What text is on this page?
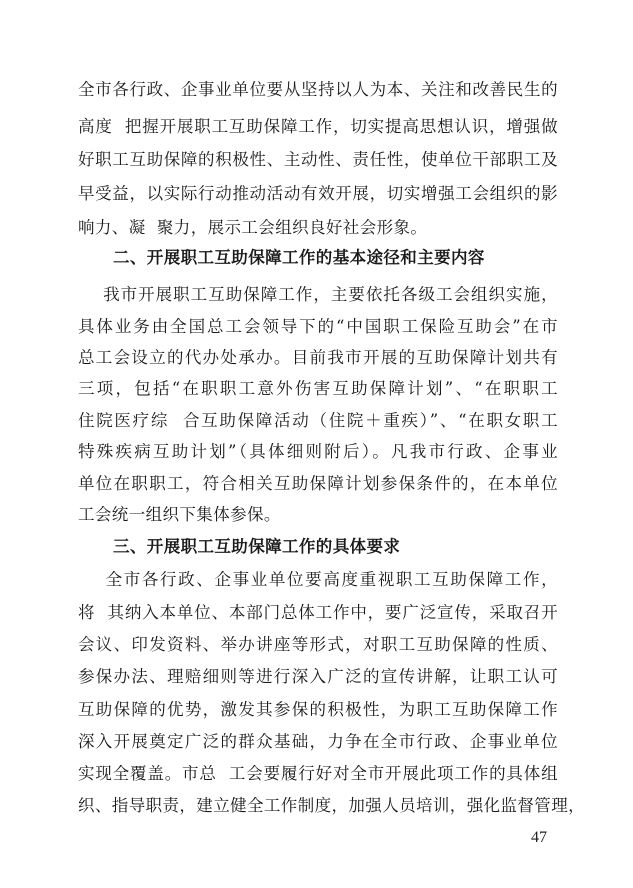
全市各行政、企事业单位要从坚持以人为本、关注和改善民生的
高度  把握开展职工互助保障工作，切实提高思想认识，增强做
好职工互助保障的积极性、主动性、责任性，使单位干部职工及
早受益，以实际行动推动活动有效开展，切实增强工会组织的影
响力、凝  聚力，展示工会组织良好社会形象。
二、开展职工互助保障工作的基本途径和主要内容
我市开展职工互助保障工作，主要依托各级工会组织实施，
具体业务由全国总工会领导下的“中国职工保险互助会”在市
总工会设立的代办处承办。目前我市开展的互助保障计划共有
三项，包括“在职职工意外伤害互助保障计划”、“在职职工
住院医疗综  合互助保障活动（住院＋重疾）”、“在职女职工
特殊疾病互助计划”（具体细则附后）。凡我市行政、企事业
单位在职职工，符合相关互助保障计划参保条件的，在本单位
工会统一组织下集体参保。
三、开展职工互助保障工作的具体要求
全市各行政、企事业单位要高度重视职工互助保障工作，
将  其纳入本单位、本部门总体工作中，要广泛宣传，采取召开
会议、印发资料、举办讲座等形式，对职工互助保障的性质、
参保办法、理赔细则等进行深入广泛的宣传讲解，让职工认可
互助保障的优势，激发其参保的积极性，为职工互助保障工作
深入开展奠定广泛的群众基础，力争在全市行政、企事业单位
实现全覆盖。市总  工会要履行好对全市开展此项工作的具体组
织、指导职责，建立健全工作制度，加强人员培训，强化监督管理，
47
